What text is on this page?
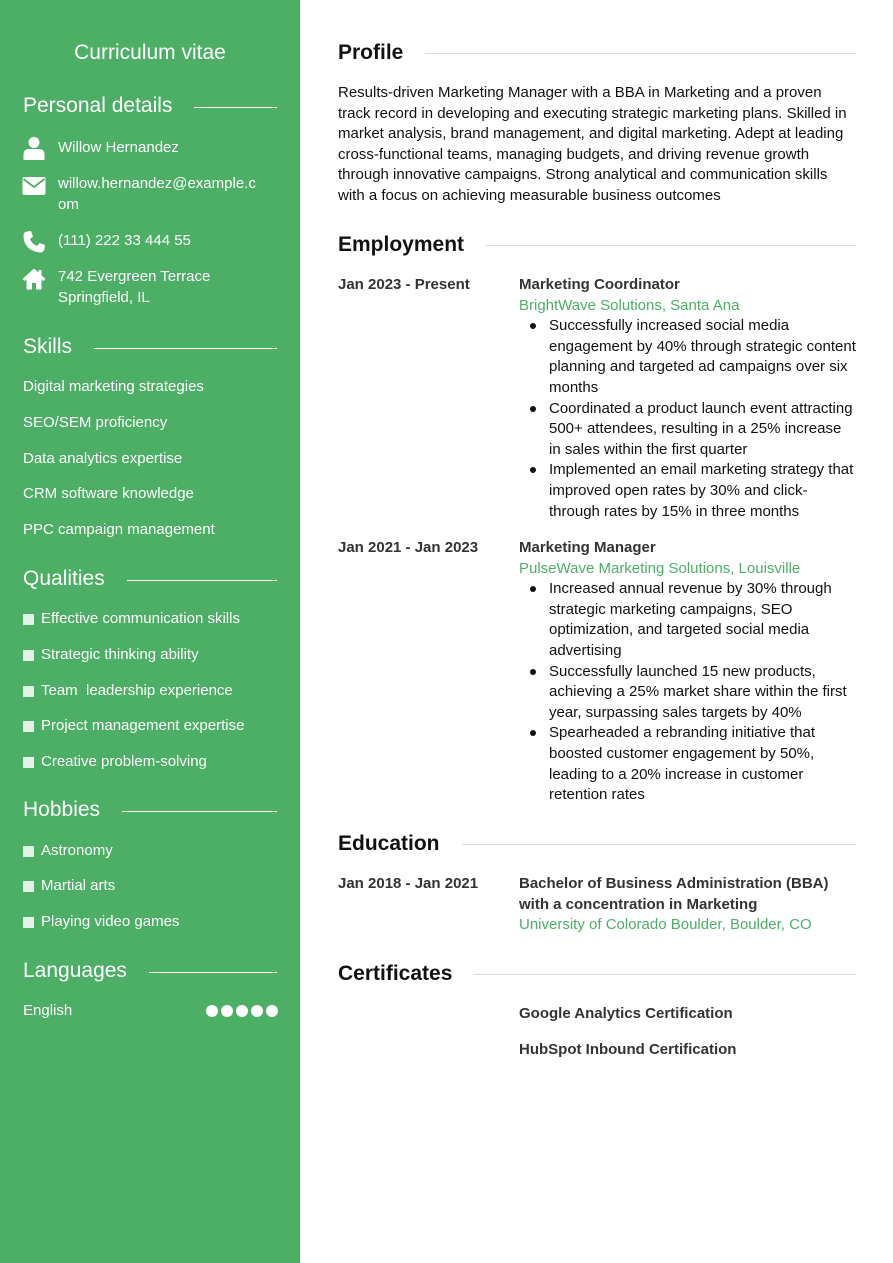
Curriculum vitae
Personal details
Willow Hernandez
willow.hernandez@example.com
(111) 222 33 444 55
742 Evergreen Terrace
Springfield, IL
Skills
Digital marketing strategies
SEO/SEM proficiency
Data analytics expertise
CRM software knowledge
PPC campaign management
Qualities
Effective communication skills
Strategic thinking ability
Team  leadership experience
Project management expertise
Creative problem-solving
Hobbies
Astronomy
Martial arts
Playing video games
Languages
English
Profile
Results-driven Marketing Manager with a BBA in Marketing and a proven track record in developing and executing strategic marketing plans. Skilled in market analysis, brand management, and digital marketing. Adept at leading cross-functional teams, managing budgets, and driving revenue growth through innovative campaigns. Strong analytical and communication skills with a focus on achieving measurable business outcomes
Employment
Jan 2023 - Present	Marketing Coordinator
BrightWave Solutions, Santa Ana
Successfully increased social media engagement by 40% through strategic content planning and targeted ad campaigns over six months
Coordinated a product launch event attracting 500+ attendees, resulting in a 25% increase in sales within the first quarter
Implemented an email marketing strategy that improved open rates by 30% and click-through rates by 15% in three months
Jan 2021 - Jan 2023	Marketing Manager
PulseWave Marketing Solutions, Louisville
Increased annual revenue by 30% through strategic marketing campaigns, SEO optimization, and targeted social media advertising
Successfully launched 15 new products, achieving a 25% market share within the first year, surpassing sales targets by 40%
Spearheaded a rebranding initiative that boosted customer engagement by 50%, leading to a 20% increase in customer retention rates
Education
Jan 2018 - Jan 2021	Bachelor of Business Administration (BBA) with a concentration in Marketing
University of Colorado Boulder, Boulder, CO
Certificates
Google Analytics Certification
HubSpot Inbound Certification
